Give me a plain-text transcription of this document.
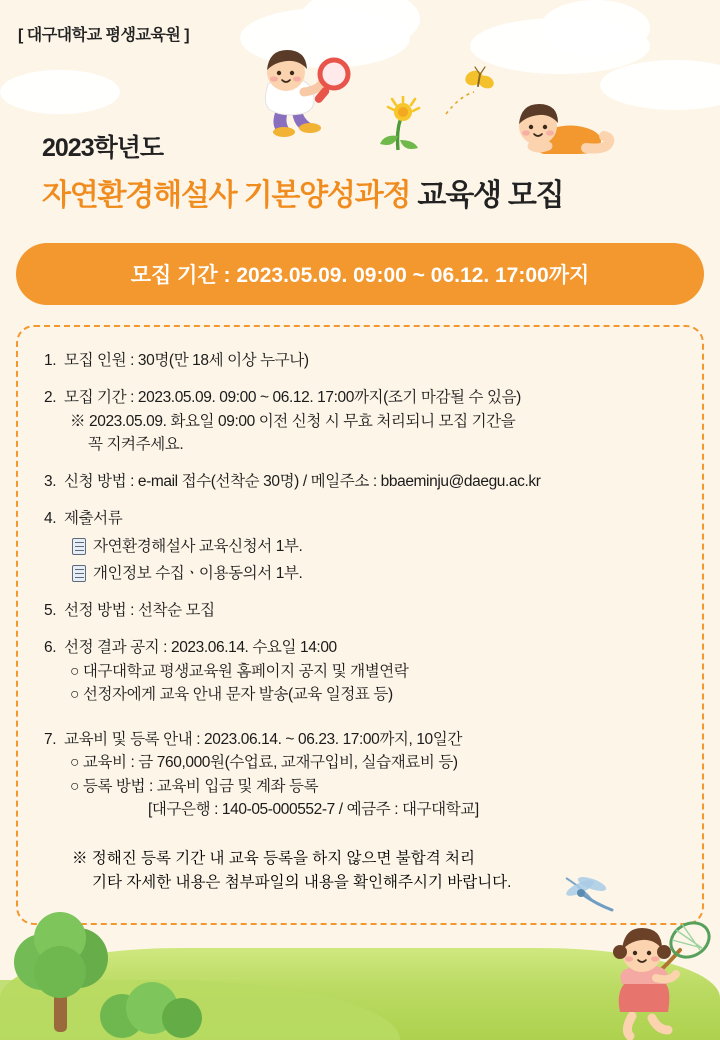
[ 대구대학교 평생교육원 ]
2023학년도
자연환경해설사 기본양성과정 교육생 모집
모집 기간 : 2023.05.09. 09:00 ~ 06.12. 17:00까지
1. 모집 인원 : 30명(만 18세 이상 누구나)
2. 모집 기간 : 2023.05.09. 09:00 ~ 06.12. 17:00까지(조기 마감될 수 있음)
※ 2023.05.09. 화요일 09:00 이전 신청 시 무효 처리되니 모집 기간을
꼭 지켜주세요.
3. 신청 방법 : e-mail 접수(선착순 30명) / 메일주소 : bbaeminju@daegu.ac.kr
4. 제출서류
자연환경해설사 교육신청서 1부.
개인정보 수집ㆍ이용동의서 1부.
5. 선정 방법 : 선착순 모집
6. 선정 결과 공지 : 2023.06.14. 수요일 14:00
○ 대구대학교 평생교육원 홈페이지 공지 및 개별연락
○ 선정자에게 교육 안내 문자 발송(교육 일정표 등)
7. 교육비 및 등록 안내 : 2023.06.14. ~ 06.23. 17:00까지, 10일간
○ 교육비 : 금 760,000원(수업료, 교재구입비, 실습재료비 등)
○ 등록 방법 : 교육비 입금 및 계좌 등록
[대구은행 : 140-05-000552-7 / 예금주 : 대구대학교]
※ 정해진 등록 기간 내 교육 등록을 하지 않으면 불합격 처리
기타 자세한 내용은 첨부파일의 내용을 확인해주시기 바랍니다.
